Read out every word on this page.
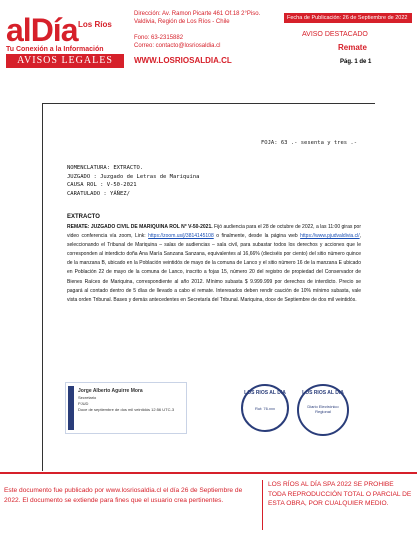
alDía Los Ríos
Tu Conexión a la Información
AVISOS LEGALES
Dirección: Av. Ramon Picarte 461 Of.18 2°Piso. Valdivia, Región de Los Ríos - Chile
Fono: 63-2315882
Correo: contacto@losriosaldia.cl
WWW.LOSRIOSALDIA.CL
Fecha de Publicación: 26 de Septiembre de 2022
AVISO DESTACADO
Remate
Pág. 1 de 1
FOJA: 63 .- sesenta y tres .-
NOMENCLATURA: EXTRACTO.
JUZGADO : Juzgado de Letras de Mariquina
CAUSA ROL : V-50-2021
CARATULADO : YÁÑEZ/
EXTRACTO
REMATE: JUZGADO CIVIL DE MARIQUINA ROL N° V-50-2021. Fijó audiencia para el 28 de octubre de 2022, a las 11:00 giras por video conferencia vía zoom, Link: https://zoom.us/j/3814145108 o finalmente, desde la página web https://www.pjudvaldivia.cl/, seleccionando el Tribunal de Mariquina – salas de audiencias – sala civil, para subastar todos los derechos y acciones que le corresponden al interdicto doña Ana María Sanzana Sanzana, equivalentes al 16,66% (dieciséis por ciento) del sitio número quince de la manzana B, ubicado en la Población veintidós de mayo de la comuna de Lanco y el sitio número 16 de la manzana E ubicado en Población 22 de mayo de la comuna de Lanco, inscrito a fojas 15, número 20 del registro de propiedad del Conservador de Bienes Raíces de Mariquina, correspondiente al año 2012. Mínimo subasta $ 9.999.999 por derechos de interdicto. Precio se pagará al contado dentro de 5 días de llevado a cabo el remate. Interesados deben rendir caución de 10% mínimo subasta, vale vista orden Tribunal. Bases y demás antecedentes en Secretaría del Tribunal. Mariquina, doce de Septiembre de dos mil veintidós.
Jorge Alberto Aguirre Mora
Secretario
PJUD
Doce de septiembre de dos mil veintidós 12:56 UTC-3
LOS RIOS AL DIA
Rut: 76.xxx
LOS RIOS AL DIA
Diario Electrónico Regional
Este documento fue publicado por www.losriosaldia.cl el día 26 de Septiembre de 2022. El documento se extiende para fines que el usuario crea pertinentes.
LOS RÍOS AL DÍA SPA 2022 SE PROHIBE TODA REPRODUCCIÓN TOTAL O PARCIAL DE ESTA OBRA, POR CUALQUIER MEDIO.
